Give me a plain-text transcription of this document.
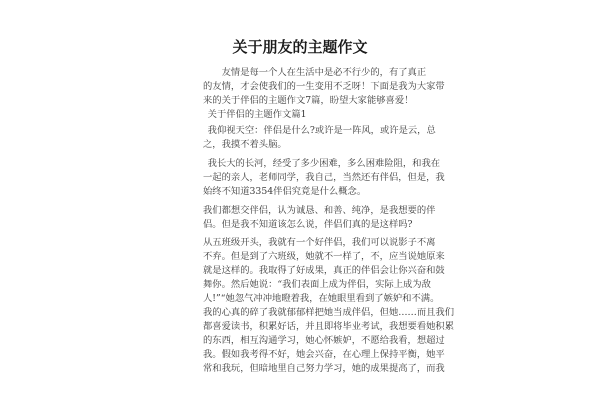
关于朋友的主题作文
友情是每一个人在生活中是必不行少的，有了真正
的友情，才会使我们的一生变用不乏呀！下面是我为大家带
来的关于伴侣的主题作文7篇，盼望大家能够喜爱！
关于伴侣的主题作文篇1
我仰视天空：伴侣是什么?或许是一阵风，或许是云，总
之，我摸不着头脑。
我长大的长河，经受了多少困难，多么困难险阻，和我在
一起的亲人，老师同学，我自己，当然还有伴侣，但是，我
始终不知道3354伴侣究竟是什么概念。
我们都想交伴侣，认为诚恳、和善、纯净，是我想要的伴
侣。但是我不知道该怎么说，伴侣们真的是这样吗?
从五班级开头，我就有一个好伴侣，我们可以说影子不离
不弃。但是到了六班级，她就不一样了，不，应当说她原来
就是这样的。我取得了好成果，真正的伴侣会让你兴奋和鼓
舞你。然后她说：“我们表面上成为伴侣，实际上成为敌
人!”“她忽气冲冲地瞪着我，在她眼里看到了嫉妒和不满。
我的心真的碎了我就郁郁样把她当成伴侣，但她……而且我们
都喜爱读书，积累好话，并且即将毕业考试，我想要看她积累
的东西，相互沟通学习，她心怀嫉妒，不愿给我看，想超过
我。假如我考得不好，她会兴奋，在心理上保持平衡，她平
常和我玩，但暗地里自己努力学习，她的成果提高了，而我
